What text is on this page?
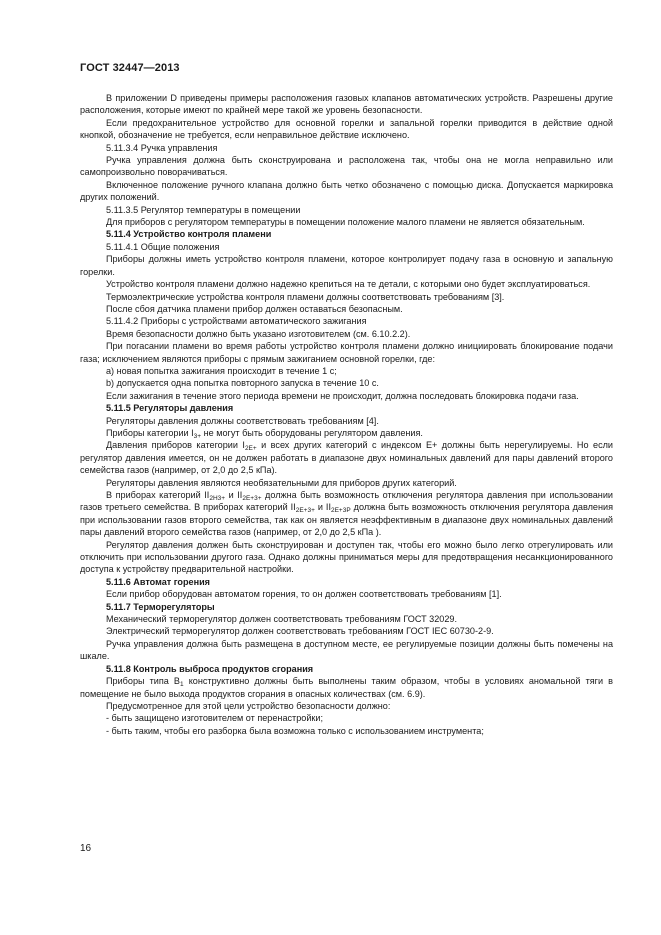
ГОСТ 32447—2013

В приложении D приведены примеры расположения газовых клапанов автоматических устройств. Разрешены другие расположения, которые имеют по крайней мере такой же уровень безопасности.

Если предохранительное устройство для основной горелки и запальной горелки приводится в действие одной кнопкой, обозначение не требуется, если неправильное действие исключено.

5.11.3.4 Ручка управления

Ручка управления должна быть сконструирована и расположена так, чтобы она не могла неправильно или самопроизвольно поворачиваться.

Включенное положение ручного клапана должно быть четко обозначено с помощью диска. Допускается маркировка других положений.

5.11.3.5 Регулятор температуры в помещении

Для приборов с регулятором температуры в помещении положение малого пламени не является обязательным.

5.11.4 Устройство контроля пламени

5.11.4.1 Общие положения

Приборы должны иметь устройство контроля пламени, которое контролирует подачу газа в основную и запальную горелки.

Устройство контроля пламени должно надежно крепиться на те детали, с которыми оно будет эксплуатироваться.

Термоэлектрические устройства контроля пламени должны соответствовать требованиям [3].

После сбоя датчика пламени прибор должен оставаться безопасным.

5.11.4.2 Приборы с устройствами автоматического зажигания

Время безопасности должно быть указано изготовителем (см. 6.10.2.2).

При погасании пламени во время работы устройство контроля пламени должно инициировать блокирование подачи газа; исключением являются приборы с прямым зажиганием основной горелки, где:

a) новая попытка зажигания происходит в течение 1 с;

b) допускается одна попытка повторного запуска в течение 10 с.

Если зажигания в течение этого периода времени не происходит, должна последовать блокировка подачи газа.

5.11.5 Регуляторы давления

Регуляторы давления должны соответствовать требованиям [4].

Приборы категории $I_{3+}$ не могут быть оборудованы регулятором давления.

Давления приборов категории $I_{2E+}$ и всех других категорий с индексом E+ должны быть нерегулируемы. Но если регулятор давления имеется, он не должен работать в диапазоне двух номинальных давлений для пары давлений второго семейства газов (например, от 2,0 до 2,5 кПа).

Регуляторы давления являются необязательными для приборов других категорий.

В приборах категорий $II_{2H3+}$ и $II_{2E+3+}$ должна быть возможность отключения регулятора давления при использовании газов третьего семейства. В приборах категорий $II_{2E+3+}$ и $II_{2E+3P}$ должна быть возможность отключения регулятора давления при использовании газов второго семейства, так как он является неэффективным в диапазоне двух номинальных давлений пары давлений второго семейства газов (например, от 2,0 до 2,5 кПа ).

Регулятор давления должен быть сконструирован и доступен так, чтобы его можно было легко отрегулировать или отключить при использовании другого газа. Однако должны приниматься меры для предотвращения несанкционированного доступа к устройству предварительной настройки.

5.11.6 Автомат горения

Если прибор оборудован автоматом горения, то он должен соответствовать требованиям [1].

5.11.7 Терморегуляторы

Механический терморегулятор должен соответствовать требованиям ГОСТ 32029.

Электрический терморегулятор должен соответствовать требованиям ГОСТ IEC 60730-2-9.

Ручка управления должна быть размещена в доступном месте, ее регулируемые позиции должны быть помечены на шкале.

5.11.8 Контроль выброса продуктов сгорания

Приборы типа $B_1$ конструктивно должны быть выполнены таким образом, чтобы в условиях аномальной тяги в помещение не было выхода продуктов сгорания в опасных количествах (см. 6.9).

Предусмотренное для этой цели устройство безопасности должно:

- быть защищено изготовителем от перенастройки;

- быть таким, чтобы его разборка была возможна только с использованием инструмента;

16
